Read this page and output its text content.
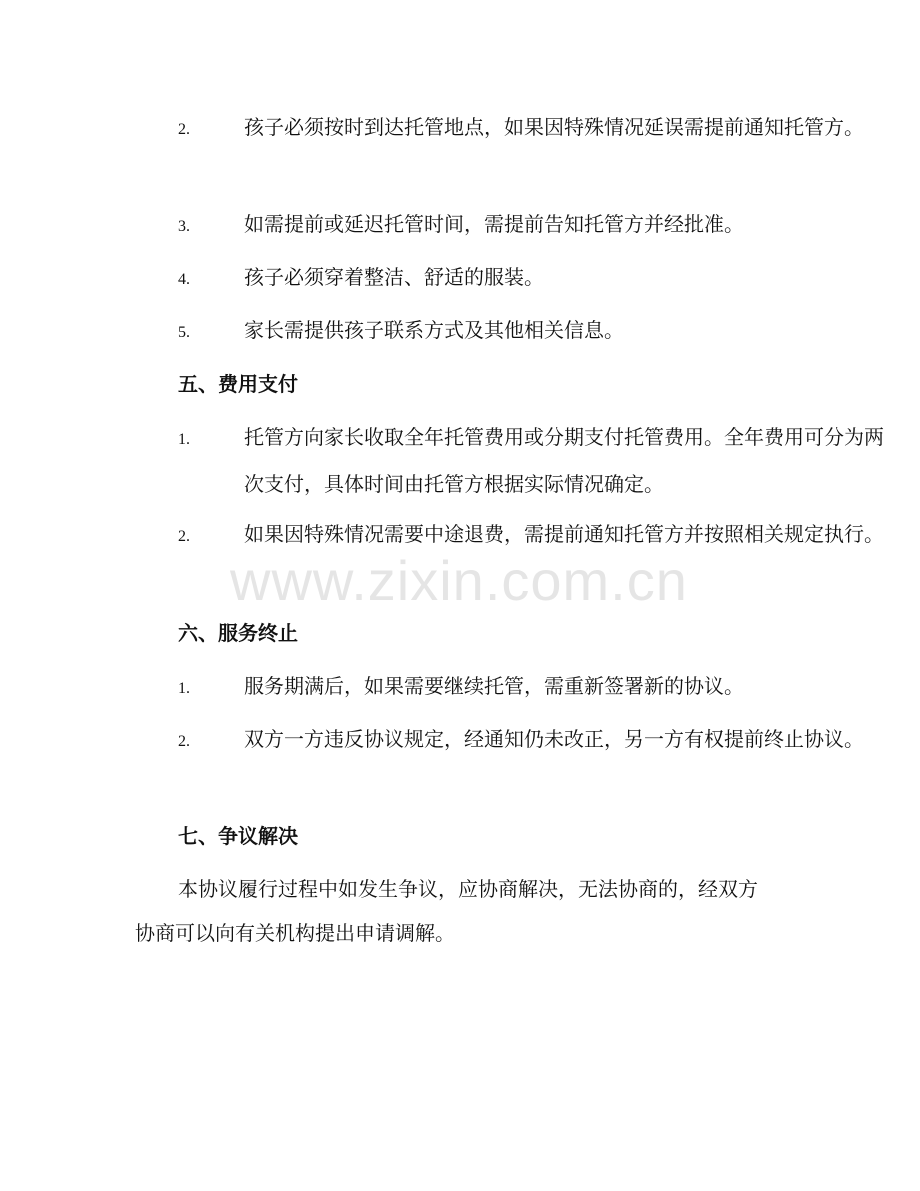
2.	孩子必须按时到达托管地点，如果因特殊情况延误需提前通知托管方。
3.	如需提前或延迟托管时间，需提前告知托管方并经批准。
4.	孩子必须穿着整洁、舒适的服装。
5.	家长需提供孩子联系方式及其他相关信息。
五、费用支付
1.	托管方向家长收取全年托管费用或分期支付托管费用。全年费用可分为两次支付，具体时间由托管方根据实际情况确定。
2.	如果因特殊情况需要中途退费，需提前通知托管方并按照相关规定执行。
六、服务终止
1.	服务期满后，如果需要继续托管，需重新签署新的协议。
2.	双方一方违反协议规定，经通知仍未改正，另一方有权提前终止协议。
七、争议解决
本协议履行过程中如发生争议，应协商解决，无法协商的，经双方协商可以向有关机构提出申请调解。
www.zixin.com.cn
